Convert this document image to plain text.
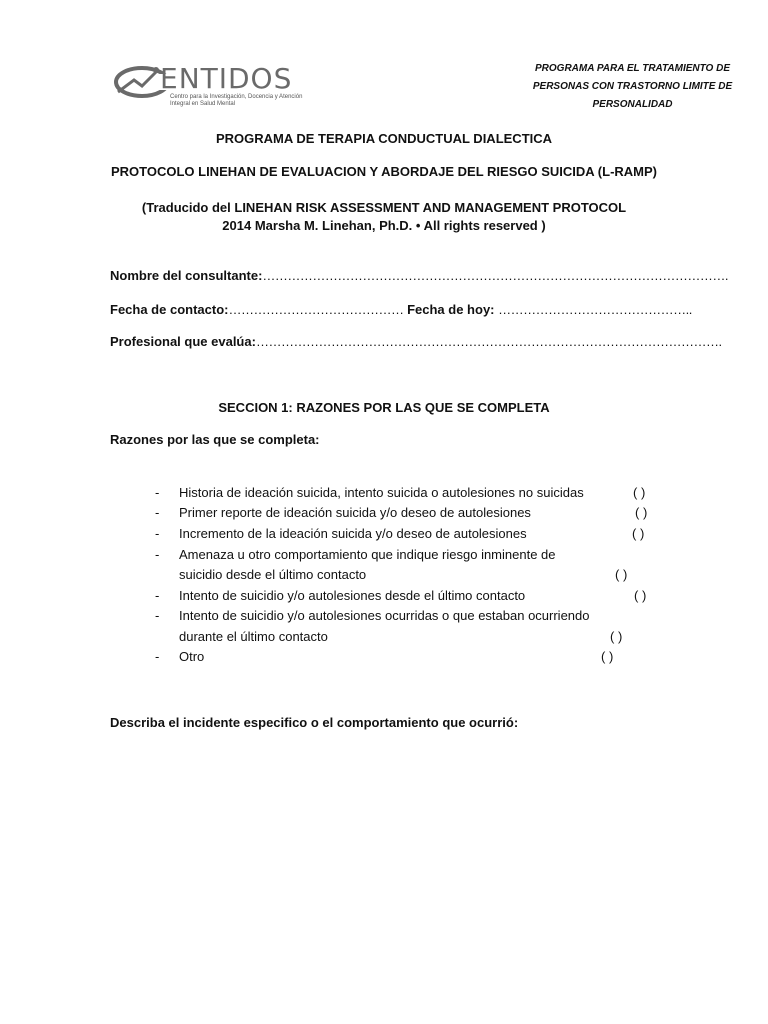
ENTIDOS
Centro para la Investigación, Docencia y Atención Integral en Salud Mental
PROGRAMA PARA EL TRATAMIENTO DE
PERSONAS CON TRASTORNO LIMITE DE
PERSONALIDAD
PROGRAMA DE TERAPIA CONDUCTUAL DIALECTICA
PROTOCOLO LINEHAN DE EVALUACION Y ABORDAJE DEL RIESGO SUICIDA (L-RAMP)
(Traducido del LINEHAN RISK ASSESSMENT AND MANAGEMENT PROTOCOL
2014 Marsha M. Linehan, Ph.D. • All rights reserved )
Nombre del consultante:………………………………………………………………………………………………….
Fecha de contacto:…………………………………… Fecha de hoy: ………………………………………..
Profesional que evalúa:………………………………………………………………………………………………….
SECCION 1: RAZONES POR LAS QUE SE COMPLETA
Razones por las que se completa:
- Historia de ideación suicida, intento suicida o autolesiones no suicidas	( )
- Primer reporte de ideación suicida y/o deseo de autolesiones	( )
- Incremento de la ideación suicida y/o deseo de autolesiones	( )
- Amenaza u otro comportamiento que indique riesgo inminente de
suicidio desde el último contacto	( )
- Intento de suicidio y/o autolesiones desde el último contacto	( )
- Intento de suicidio y/o autolesiones ocurridas o que estaban ocurriendo
durante el último contacto	( )
- Otro	( )
Describa el incidente especifico o el comportamiento que ocurrió:
